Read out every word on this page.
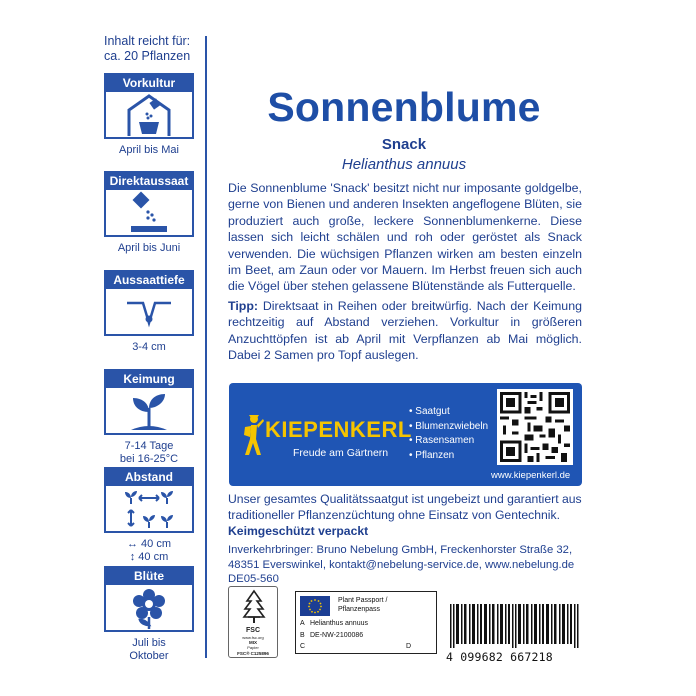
Inhalt reicht für:
ca. 20 Pflanzen
Vorkultur
April bis Mai
Direktaussaat
April bis Juni
Aussaattiefe
3-4 cm
Keimung
7-14 Tage
bei 16-25°C
Abstand
↔ 40 cm
↕ 40 cm
Blüte
Juli bis
Oktober
Sonnenblume
Snack
Helianthus annuus

Die Sonnenblume 'Snack' besitzt nicht nur imposante goldgelbe, gerne von Bienen und anderen Insekten angeflogene Blüten, sie produziert auch große, leckere Sonnenblumenkerne. Diese lassen sich leicht schälen und roh oder geröstet als Snack verwenden. Die wüchsigen Pflanzen wirken am besten einzeln im Beet, am Zaun oder vor Mauern. Im Herbst freuen sich auch die Vögel über stehen gelassene Blütenstände als Futterquelle.

Tipp: Direktsaat in Reihen oder breitwürfig. Nach der Keimung rechtzeitig auf Abstand verziehen. Vorkultur in größeren Anzuchttöpfen ist ab April mit Verpflanzen ab Mai möglich. Dabei 2 Samen pro Topf auslegen.

KIEPENKERL
Freude am Gärtnern
• Saatgut
• Blumenzwiebeln
• Rasensamen
• Pflanzen
www.kiepenkerl.de
Unser gesamtes Qualitätssaatgut ist ungebeizt und garantiert aus traditioneller Pflanzenzüchtung ohne Einsatz von Gentechnik.
Keimgeschützt verpackt
Inverkehrbringer: Bruno Nebelung GmbH, Freckenhorster Straße 32,
48351 Everswinkel, kontakt@nebelung-service.de, www.nebelung.de
DE05-560
FSC
www.fsc.org
MIX
Papier
FSC® C125896
Plant Passport /
Pflanzenpass
A Helianthus annuus
B DE-NW-2100086
C	D
4 099682 667218
